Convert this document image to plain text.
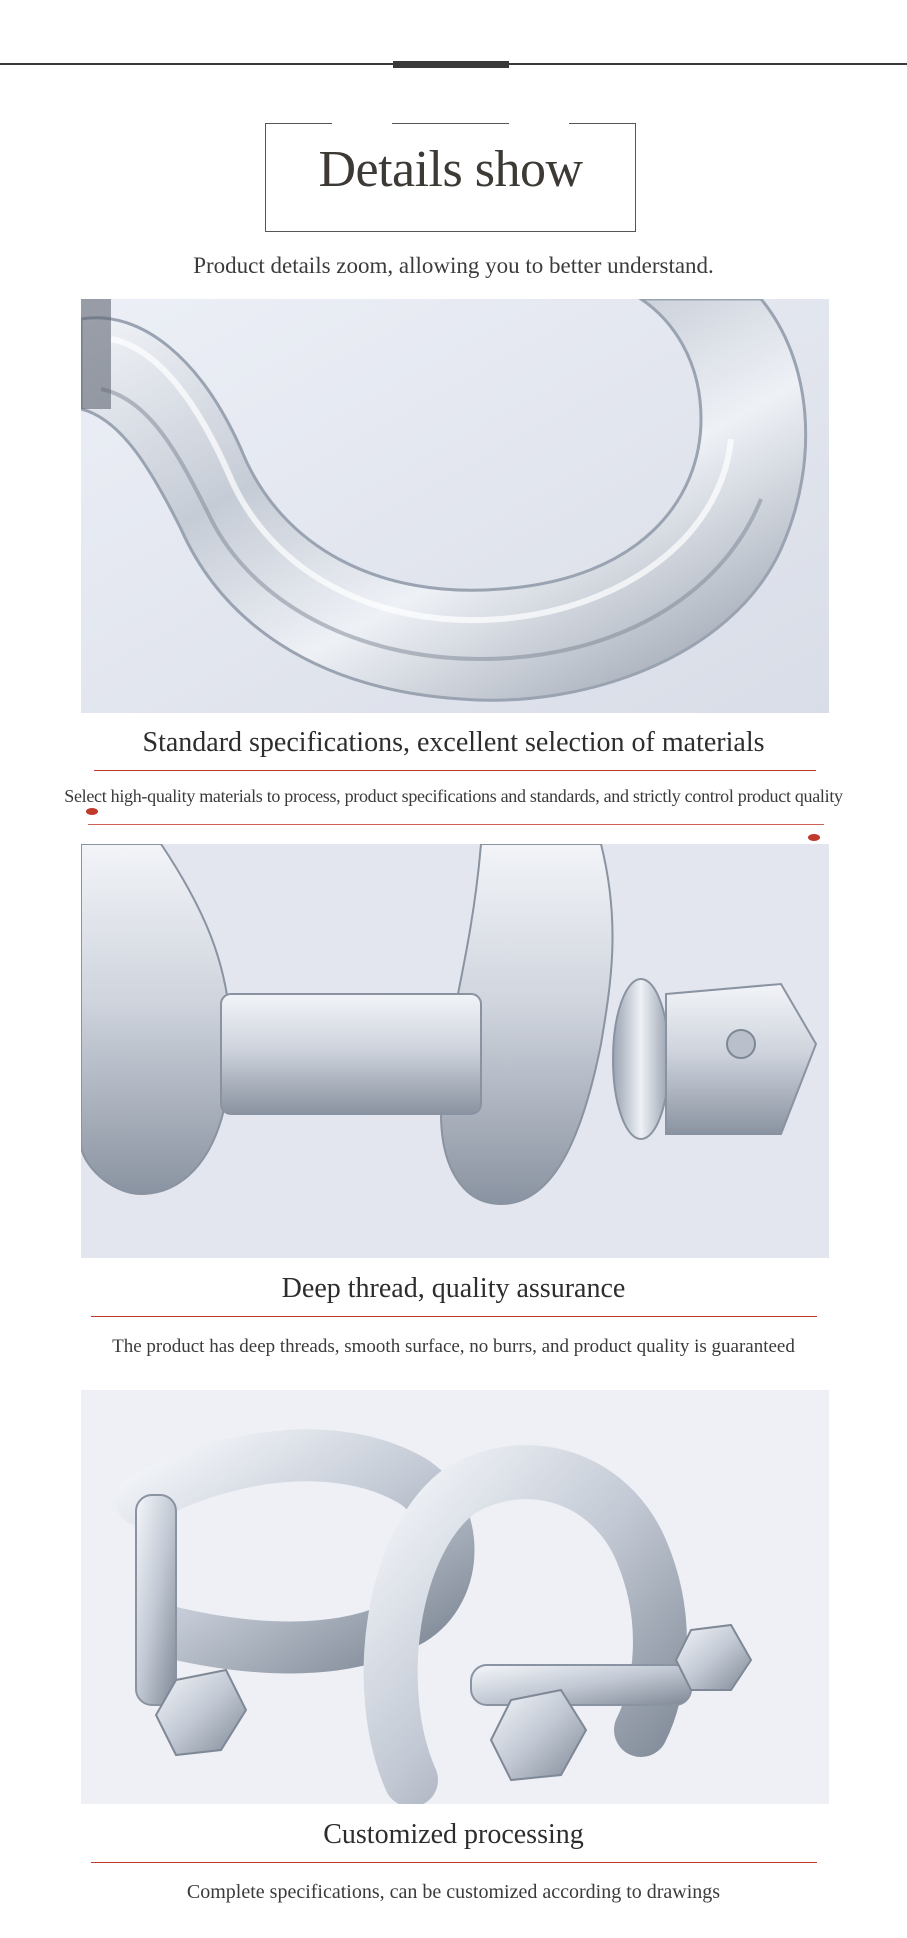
Details show
Product details zoom, allowing you to better understand.
Standard specifications, excellent selection of materials
Select high-quality materials to process, product specifications and standards, and strictly control product quality
Deep thread, quality assurance
The product has deep threads, smooth surface, no burrs, and product quality is guaranteed
Customized processing
Complete specifications, can be customized according to drawings
